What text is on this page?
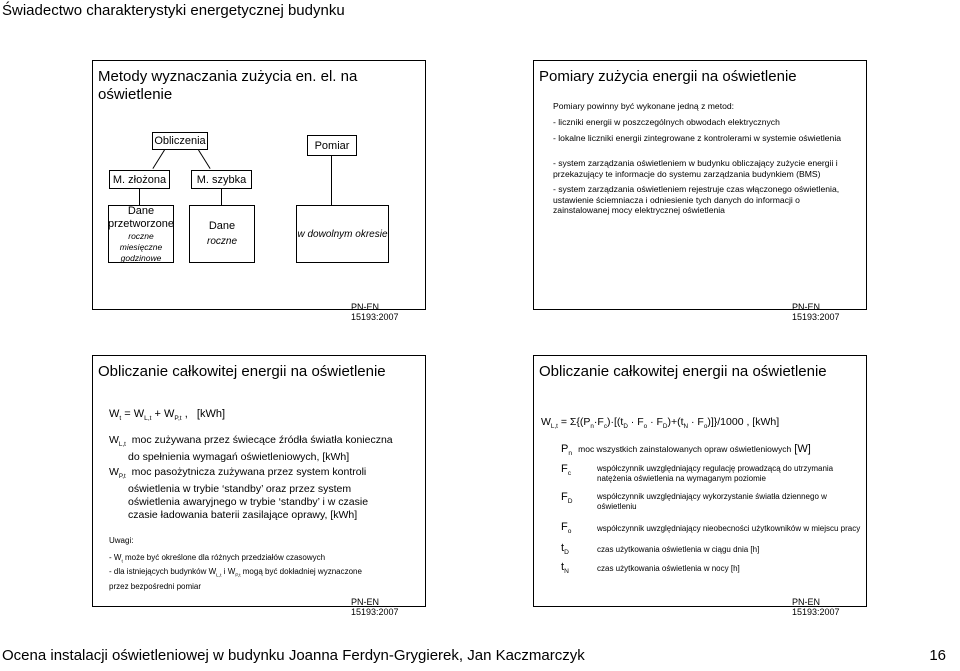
Świadectwo charakterystyki energetycznej budynku
Metody wyznaczania zużycia en. el. na oświetlenie
Obliczenia	Pomiar
M. złożona	M. szybka
Dane
przetworzone
roczne
miesięczne
godzinowe
Dane
roczne
w dowolnym okresie
PN-EN 15193:2007
Pomiary zużycia energii na oświetlenie
Pomiary powinny być wykonane jedną z metod:
- liczniki energii w poszczególnych obwodach elektrycznych
- lokalne liczniki energii zintegrowane z kontrolerami w systemie oświetlenia
- system zarządzania oświetleniem w budynku obliczający zużycie energii i przekazujący te informacje do systemu zarządzania budynkiem (BMS)
- system zarządzania oświetleniem rejestruje czas włączonego oświetlenia, ustawienie ściemniacza i odniesienie tych danych do informacji o zainstalowanej mocy elektrycznej oświetlenia
PN-EN 15193:2007
Obliczanie całkowitej energii na oświetlenie
$W_t = W_{L,t} + W_{P,t}$ ,   [kWh]
$W_{L,t}$ moc zużywana przez świecące źródła światła konieczna
do spełnienia wymagań oświetleniowych, [kWh]
$W_{P,t}$ moc pasożytnicza zużywana przez system kontroli
oświetlenia w trybie ‘standby’ oraz przez system
oświetlenia awaryjnego w trybie ‘standby’ i w czasie
czasie ładowania baterii zasilające oprawy, [kWh]
Uwagi:
- $W_t$ może być określone dla różnych przedziałów czasowych
- dla istniejących budynków $W_{L,t}$ i $W_{P,t}$ mogą być dokładniej wyznaczone
przez bezpośredni pomiar
PN-EN 15193:2007
Obliczanie całkowitej energii na oświetlenie
$W_{L,t} = \Sigma\{(P_n\cdot F_c)\cdot[(t_D \cdot F_o \cdot F_D)+(t_N \cdot F_o)]\}/1000$ , [kWh]
$P_n$ moc wszystkich zainstalowanych opraw oświetleniowych [W]
$F_c$
współczynnik uwzględniający regulację prowadzącą do utrzymania
natężenia oświetlenia na wymaganym poziomie
$F_D$
współczynnik uwzględniający wykorzystanie światła dziennego w
oświetleniu
$F_o$	współczynnik uwzględniający nieobecności użytkowników w miejscu pracy
$t_D$	czas użytkowania oświetlenia w ciągu dnia [h]
$t_N$	czas użytkowania oświetlenia w nocy [h]
PN-EN 15193:2007
Ocena instalacji oświetleniowej w budynku Joanna Ferdyn-Grygierek, Jan Kaczmarczyk	16
